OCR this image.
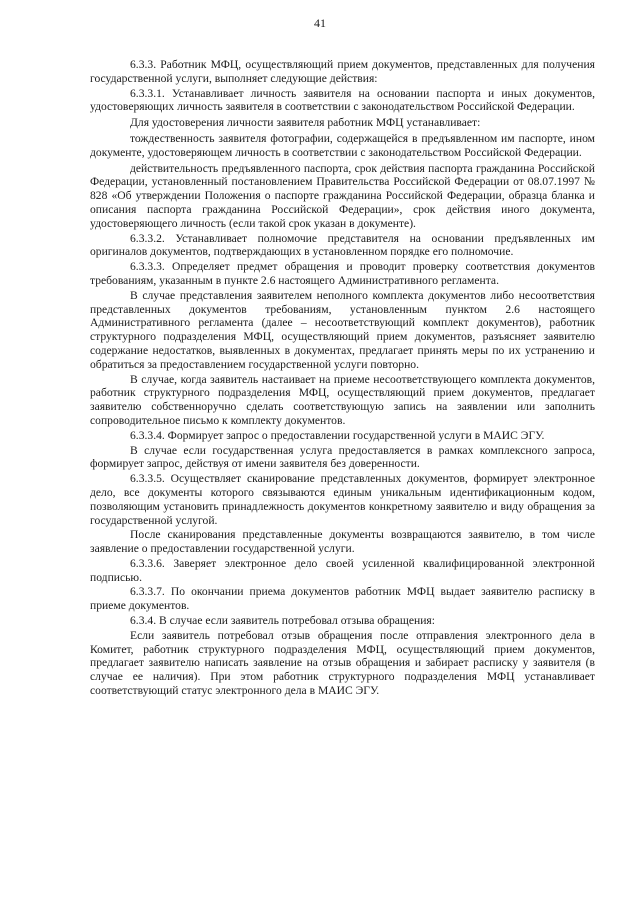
41

6.3.3. Работник МФЦ, осуществляющий прием документов, представленных для получения государственной услуги, выполняет следующие действия:

6.3.3.1. Устанавливает личность заявителя на основании паспорта и иных документов, удостоверяющих личность заявителя в соответствии с законодательством Российской Федерации.

Для удостоверения личности заявителя работник МФЦ устанавливает:

тождественность заявителя фотографии, содержащейся в предъявленном им паспорте, ином документе, удостоверяющем личность в соответствии с законодательством Российской Федерации.

действительность предъявленного паспорта, срок действия паспорта гражданина Российской Федерации, установленный постановлением Правительства Российской Федерации от 08.07.1997 № 828 «Об утверждении Положения о паспорте гражданина Российской Федерации, образца бланка и описания паспорта гражданина Российской Федерации», срок действия иного документа, удостоверяющего личность (если такой срок указан в документе).

6.3.3.2. Устанавливает полномочие представителя на основании предъявленных им оригиналов документов, подтверждающих в установленном порядке его полномочие.

6.3.3.3. Определяет предмет обращения и проводит проверку соответствия документов требованиям, указанным в пункте 2.6 настоящего Административного регламента.

В случае представления заявителем неполного комплекта документов либо несоответствия представленных документов требованиям, установленным пунктом 2.6 настоящего Административного регламента (далее – несоответствующий комплект документов), работник структурного подразделения МФЦ, осуществляющий прием документов, разъясняет заявителю содержание недостатков, выявленных в документах, предлагает принять меры по их устранению и обратиться за предоставлением государственной услуги повторно.

В случае, когда заявитель настаивает на приеме несоответствующего комплекта документов, работник структурного подразделения МФЦ, осуществляющий прием документов, предлагает заявителю собственноручно сделать соответствующую запись на заявлении или заполнить сопроводительное письмо к комплекту документов.

6.3.3.4. Формирует запрос о предоставлении государственной услуги в МАИС ЭГУ.

В случае если государственная услуга предоставляется в рамках комплексного запроса, формирует запрос, действуя от имени заявителя без доверенности.

6.3.3.5. Осуществляет сканирование представленных документов, формирует электронное дело, все документы которого связываются единым уникальным идентификационным кодом, позволяющим установить принадлежность документов конкретному заявителю и виду обращения за государственной услугой.

После сканирования представленные документы возвращаются заявителю, в том числе заявление о предоставлении государственной услуги.

6.3.3.6. Заверяет электронное дело своей усиленной квалифицированной электронной подписью.

6.3.3.7. По окончании приема документов работник МФЦ выдает заявителю расписку в приеме документов.

6.3.4. В случае если заявитель потребовал отзыва обращения:

Если заявитель потребовал отзыв обращения после отправления электронного дела в Комитет, работник структурного подразделения МФЦ, осуществляющий прием документов, предлагает заявителю написать заявление на отзыв обращения и забирает расписку у заявителя (в случае ее наличия). При этом работник структурного подразделения МФЦ устанавливает соответствующий статус электронного дела в МАИС ЭГУ.
